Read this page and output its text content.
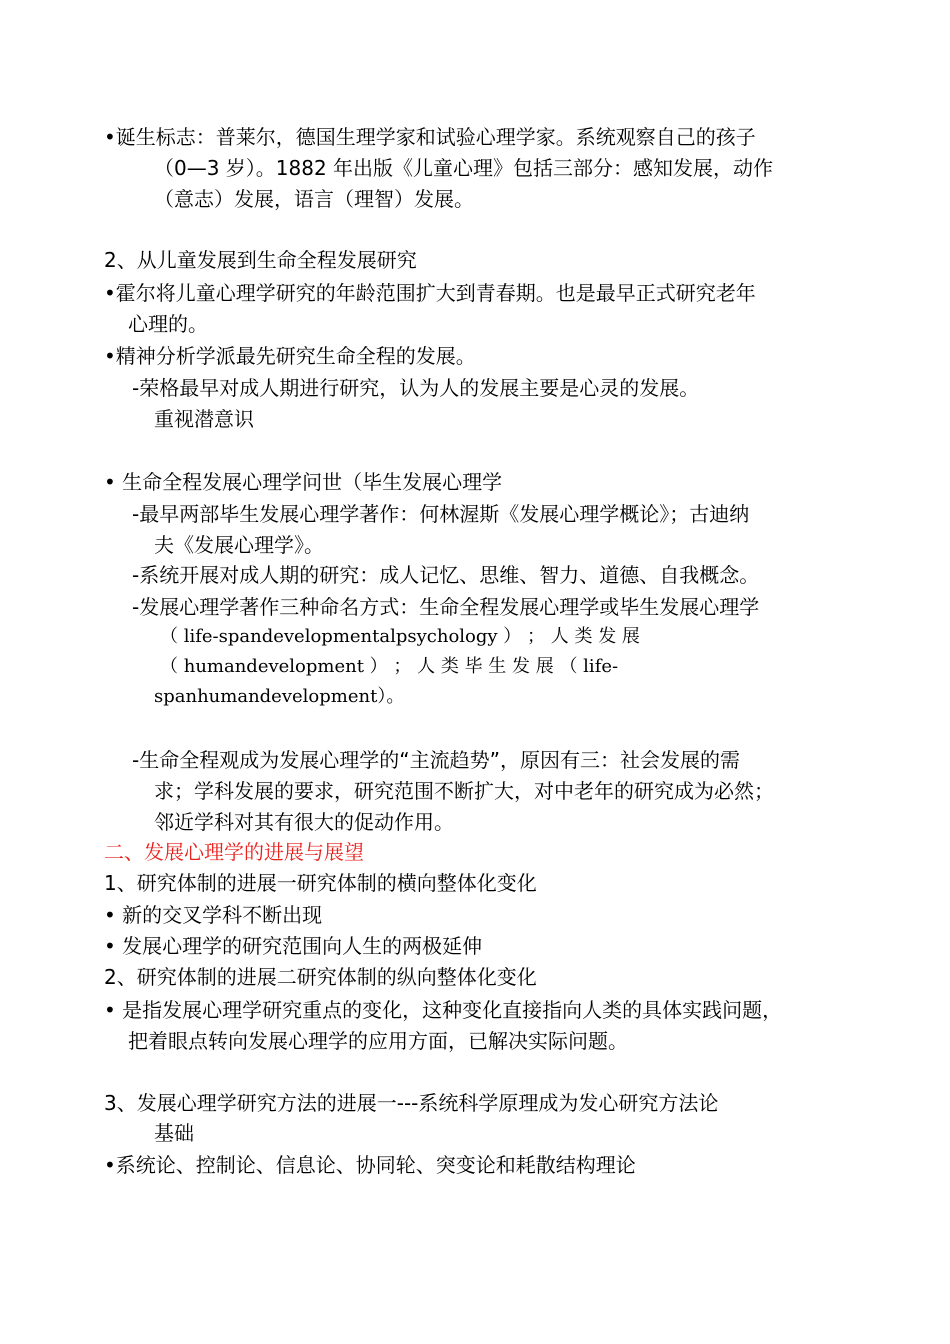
•诞生标志：普莱尔，德国生理学家和试验心理学家。系统观察自己的孩子
（0—3 岁）。1882 年出版《儿童心理》包括三部分：感知发展，动作
（意志）发展，语言（理智）发展。
2、从儿童发展到生命全程发展研究
•霍尔将儿童心理学研究的年龄范围扩大到青春期。也是最早正式研究老年
心理的。
•精神分析学派最先研究生命全程的发展。
-荣格最早对成人期进行研究，认为人的发展主要是心灵的发展。
重视潜意识
• 生命全程发展心理学问世（毕生发展心理学
-最早两部毕生发展心理学著作：何林渥斯《发展心理学概论》；古迪纳
夫《发展心理学》。
-系统开展对成人期的研究：成人记忆、思维、智力、道德、自我概念。
-发展心理学著作三种命名方式：生命全程发展心理学或毕生发展心理学
（ life-spandevelopmentalpsychology ） ； 人 类 发 展
（ humandevelopment ） ； 人 类 毕 生 发 展 （ life-
spanhumandevelopment）。
-生命全程观成为发展心理学的“主流趋势”，原因有三：社会发展的需
求；学科发展的要求，研究范围不断扩大，对中老年的研究成为必然；
邻近学科对其有很大的促动作用。
二、发展心理学的进展与展望
1、研究体制的进展一研究体制的横向整体化变化
• 新的交叉学科不断出现
• 发展心理学的研究范围向人生的两极延伸
2、研究体制的进展二研究体制的纵向整体化变化
• 是指发展心理学研究重点的变化，这种变化直接指向人类的具体实践问题，
把着眼点转向发展心理学的应用方面，已解决实际问题。
3、发展心理学研究方法的进展一---系统科学原理成为发心研究方法论
基础
•系统论、控制论、信息论、协同轮、突变论和耗散结构理论
